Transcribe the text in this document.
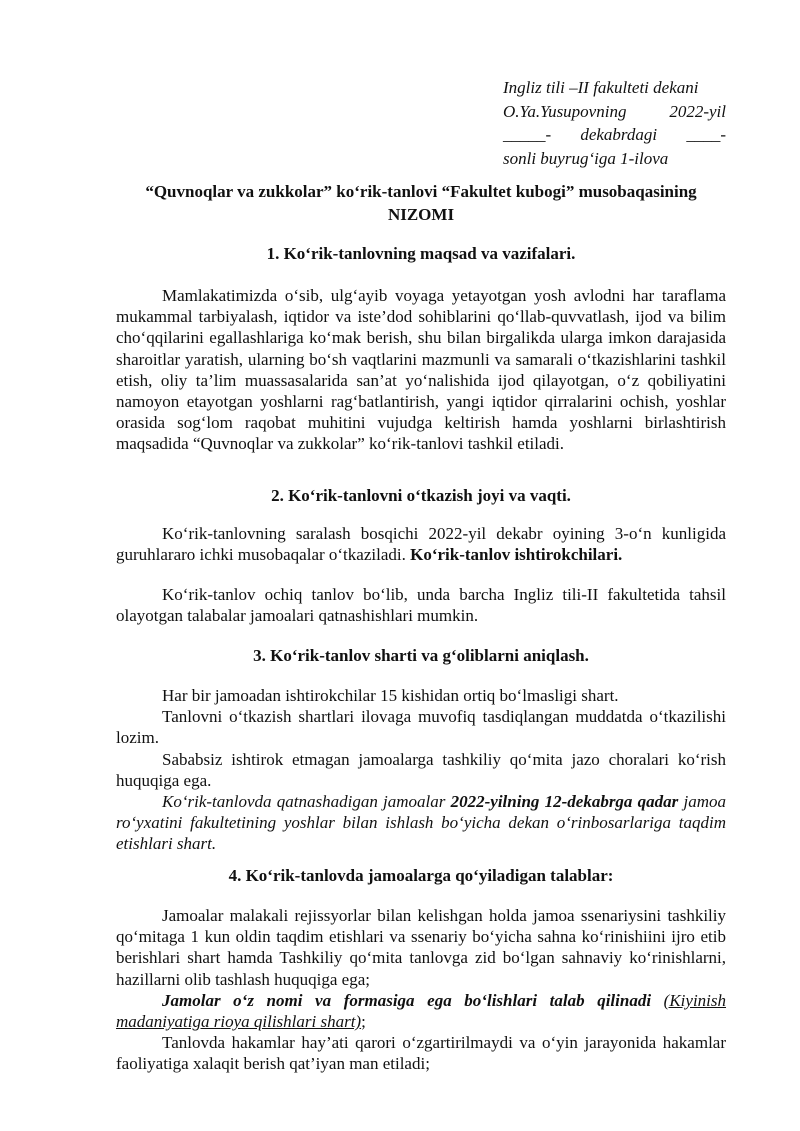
Ingliz tili –II fakulteti dekani
O.Ya.Yusupovning	2022-yil
_____- dekabrdagi ____-
sonli buyrug‘iga 1-ilova
“Quvnoqlar va zukkolar” ko‘rik-tanlovi “Fakultet kubogi” musobaqasining
NIZOMI
1. Ko‘rik-tanlovning maqsad va vazifalari.
Mamlakatimizda o‘sib, ulg‘ayib voyaga yetayotgan yosh avlodni har taraflama mukammal tarbiyalash, iqtidor va iste’dod sohiblarini qo‘llab-quvvatlash, ijod va bilim cho‘qqilarini egallashlariga ko‘mak berish, shu bilan birgalikda ularga imkon darajasida sharoitlar yaratish, ularning bo‘sh vaqtlarini mazmunli va samarali o‘tkazishlarini tashkil etish, oliy ta’lim muassasalarida san’at yo‘nalishida ijod qilayotgan, o‘z qobiliyatini namoyon etayotgan yoshlarni rag‘batlantirish, yangi iqtidor qirralarini ochish, yoshlar orasida sog‘lom raqobat muhitini vujudga keltirish hamda yoshlarni birlashtirish maqsadida “Quvnoqlar va zukkolar” ko‘rik-tanlovi tashkil etiladi.
2. Ko‘rik-tanlovni o‘tkazish joyi va vaqti.
Ko‘rik-tanlovning saralash bosqichi 2022-yil dekabr oyining 3-o‘n kunligida guruhlararo ichki musobaqalar o‘tkaziladi. Ko‘rik-tanlov ishtirokchilari.
Ko‘rik-tanlov ochiq tanlov bo‘lib, unda barcha Ingliz tili-II fakultetida tahsil olayotgan talabalar jamoalari qatnashishlari mumkin.
3. Ko‘rik-tanlov sharti va g‘oliblarni aniqlash.

Har bir jamoadan ishtirokchilar 15 kishidan ortiq bo‘lmasligi shart.

Tanlovni o‘tkazish shartlari ilovaga muvofiq tasdiqlangan muddatda o‘tkazilishi lozim.

Sababsiz ishtirok etmagan jamoalarga tashkiliy qo‘mita jazo choralari ko‘rish huquqiga ega.

Ko‘rik-tanlovda qatnashadigan jamoalar 2022-yilning 12-dekabrga qadar jamoa ro‘yxatini fakultetining yoshlar bilan ishlash bo‘yicha dekan o‘rinbosarlariga taqdim etishlari shart.

4. Ko‘rik-tanlovda jamoalarga qo‘yiladigan talablar:

Jamoalar malakali rejissyorlar bilan kelishgan holda jamoa ssenariysini tashkiliy qo‘mitaga 1 kun oldin taqdim etishlari va ssenariy bo‘yicha sahna ko‘rinishiini ijro etib berishlari shart hamda Tashkiliy qo‘mita tanlovga zid bo‘lgan sahnaviy ko‘rinishlarni, hazillarni olib tashlash huquqiga ega;

Jamolar o‘z nomi va formasiga ega bo‘lishlari talab qilinadi (Kiyinish madaniyatiga rioya qilishlari shart);

Tanlovda hakamlar hay’ati qarori o‘zgartirilmaydi va o‘yin jarayonida hakamlar faoliyatiga xalaqit berish qat’iyan man etiladi;
